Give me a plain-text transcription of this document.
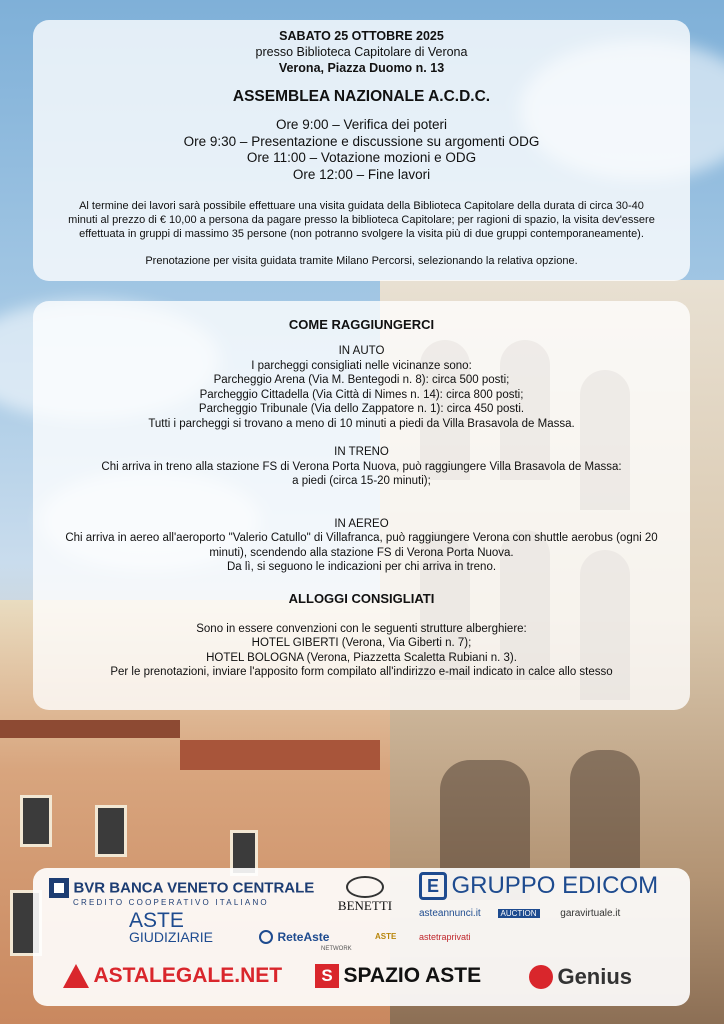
SABATO 25 OTTOBRE 2025
presso Biblioteca Capitolare di Verona
Verona, Piazza Duomo n. 13
ASSEMBLEA NAZIONALE A.C.D.C.
Ore 9:00 – Verifica dei poteri
Ore 9:30 – Presentazione e discussione su argomenti ODG
Ore 11:00 – Votazione mozioni e ODG
Ore 12:00 – Fine lavori
Al termine dei lavori sarà possibile effettuare una visita guidata della Biblioteca Capitolare della durata di circa 30-40
minuti al prezzo di € 10,00 a persona da pagare presso la biblioteca Capitolare; per ragioni di spazio, la visita dev'essere
effettuata in gruppi di massimo 35 persone (non potranno svolgere la visita più di due gruppi contemporaneamente).
Prenotazione per visita guidata tramite Milano Percorsi, selezionando la relativa opzione.
COME RAGGIUNGERCI
IN AUTO
I parcheggi consigliati nelle vicinanze sono:
Parcheggio Arena (Via M. Bentegodi n. 8): circa 500 posti;
Parcheggio Cittadella (Via Città di Nimes n. 14): circa 800 posti;
Parcheggio Tribunale (Via dello Zappatore n. 1): circa 450 posti.
Tutti i parcheggi si trovano a meno di 10 minuti a piedi da Villa Brasavola de Massa.
IN TRENO
Chi arriva in treno alla stazione FS di Verona Porta Nuova, può raggiungere Villa Brasavola de Massa:
a piedi (circa 15-20 minuti);
IN AEREO
Chi arriva in aereo all'aeroporto "Valerio Catullo" di Villafranca, può raggiungere Verona con shuttle aerobus (ogni 20
minuti), scendendo alla stazione FS di Verona Porta Nuova.
Da lì, si seguono le indicazioni per chi arriva in treno.
ALLOGGI CONSIGLIATI
Sono in essere convenzioni con le seguenti strutture alberghiere:
HOTEL GIBERTI (Verona, Via Giberti n. 7);
HOTEL BOLOGNA (Verona, Piazzetta Scaletta Rubiani n. 3).
Per le prenotazioni, inviare l'apposito form compilato all'indirizzo e-mail indicato in calce allo stesso
BVR BANCA VENETO CENTRALE
CREDITO COOPERATIVO ITALIANO	BENETTI
E GRUPPO EDICOM
asteannunci.it AUCTION garavirtuale.it
ASTE
GIUDIZIARIE	ReteAste
NETWORK
ASTE	astetraprivati
ASTALEGALE.NET	S SPAZIO ASTE	Genius
